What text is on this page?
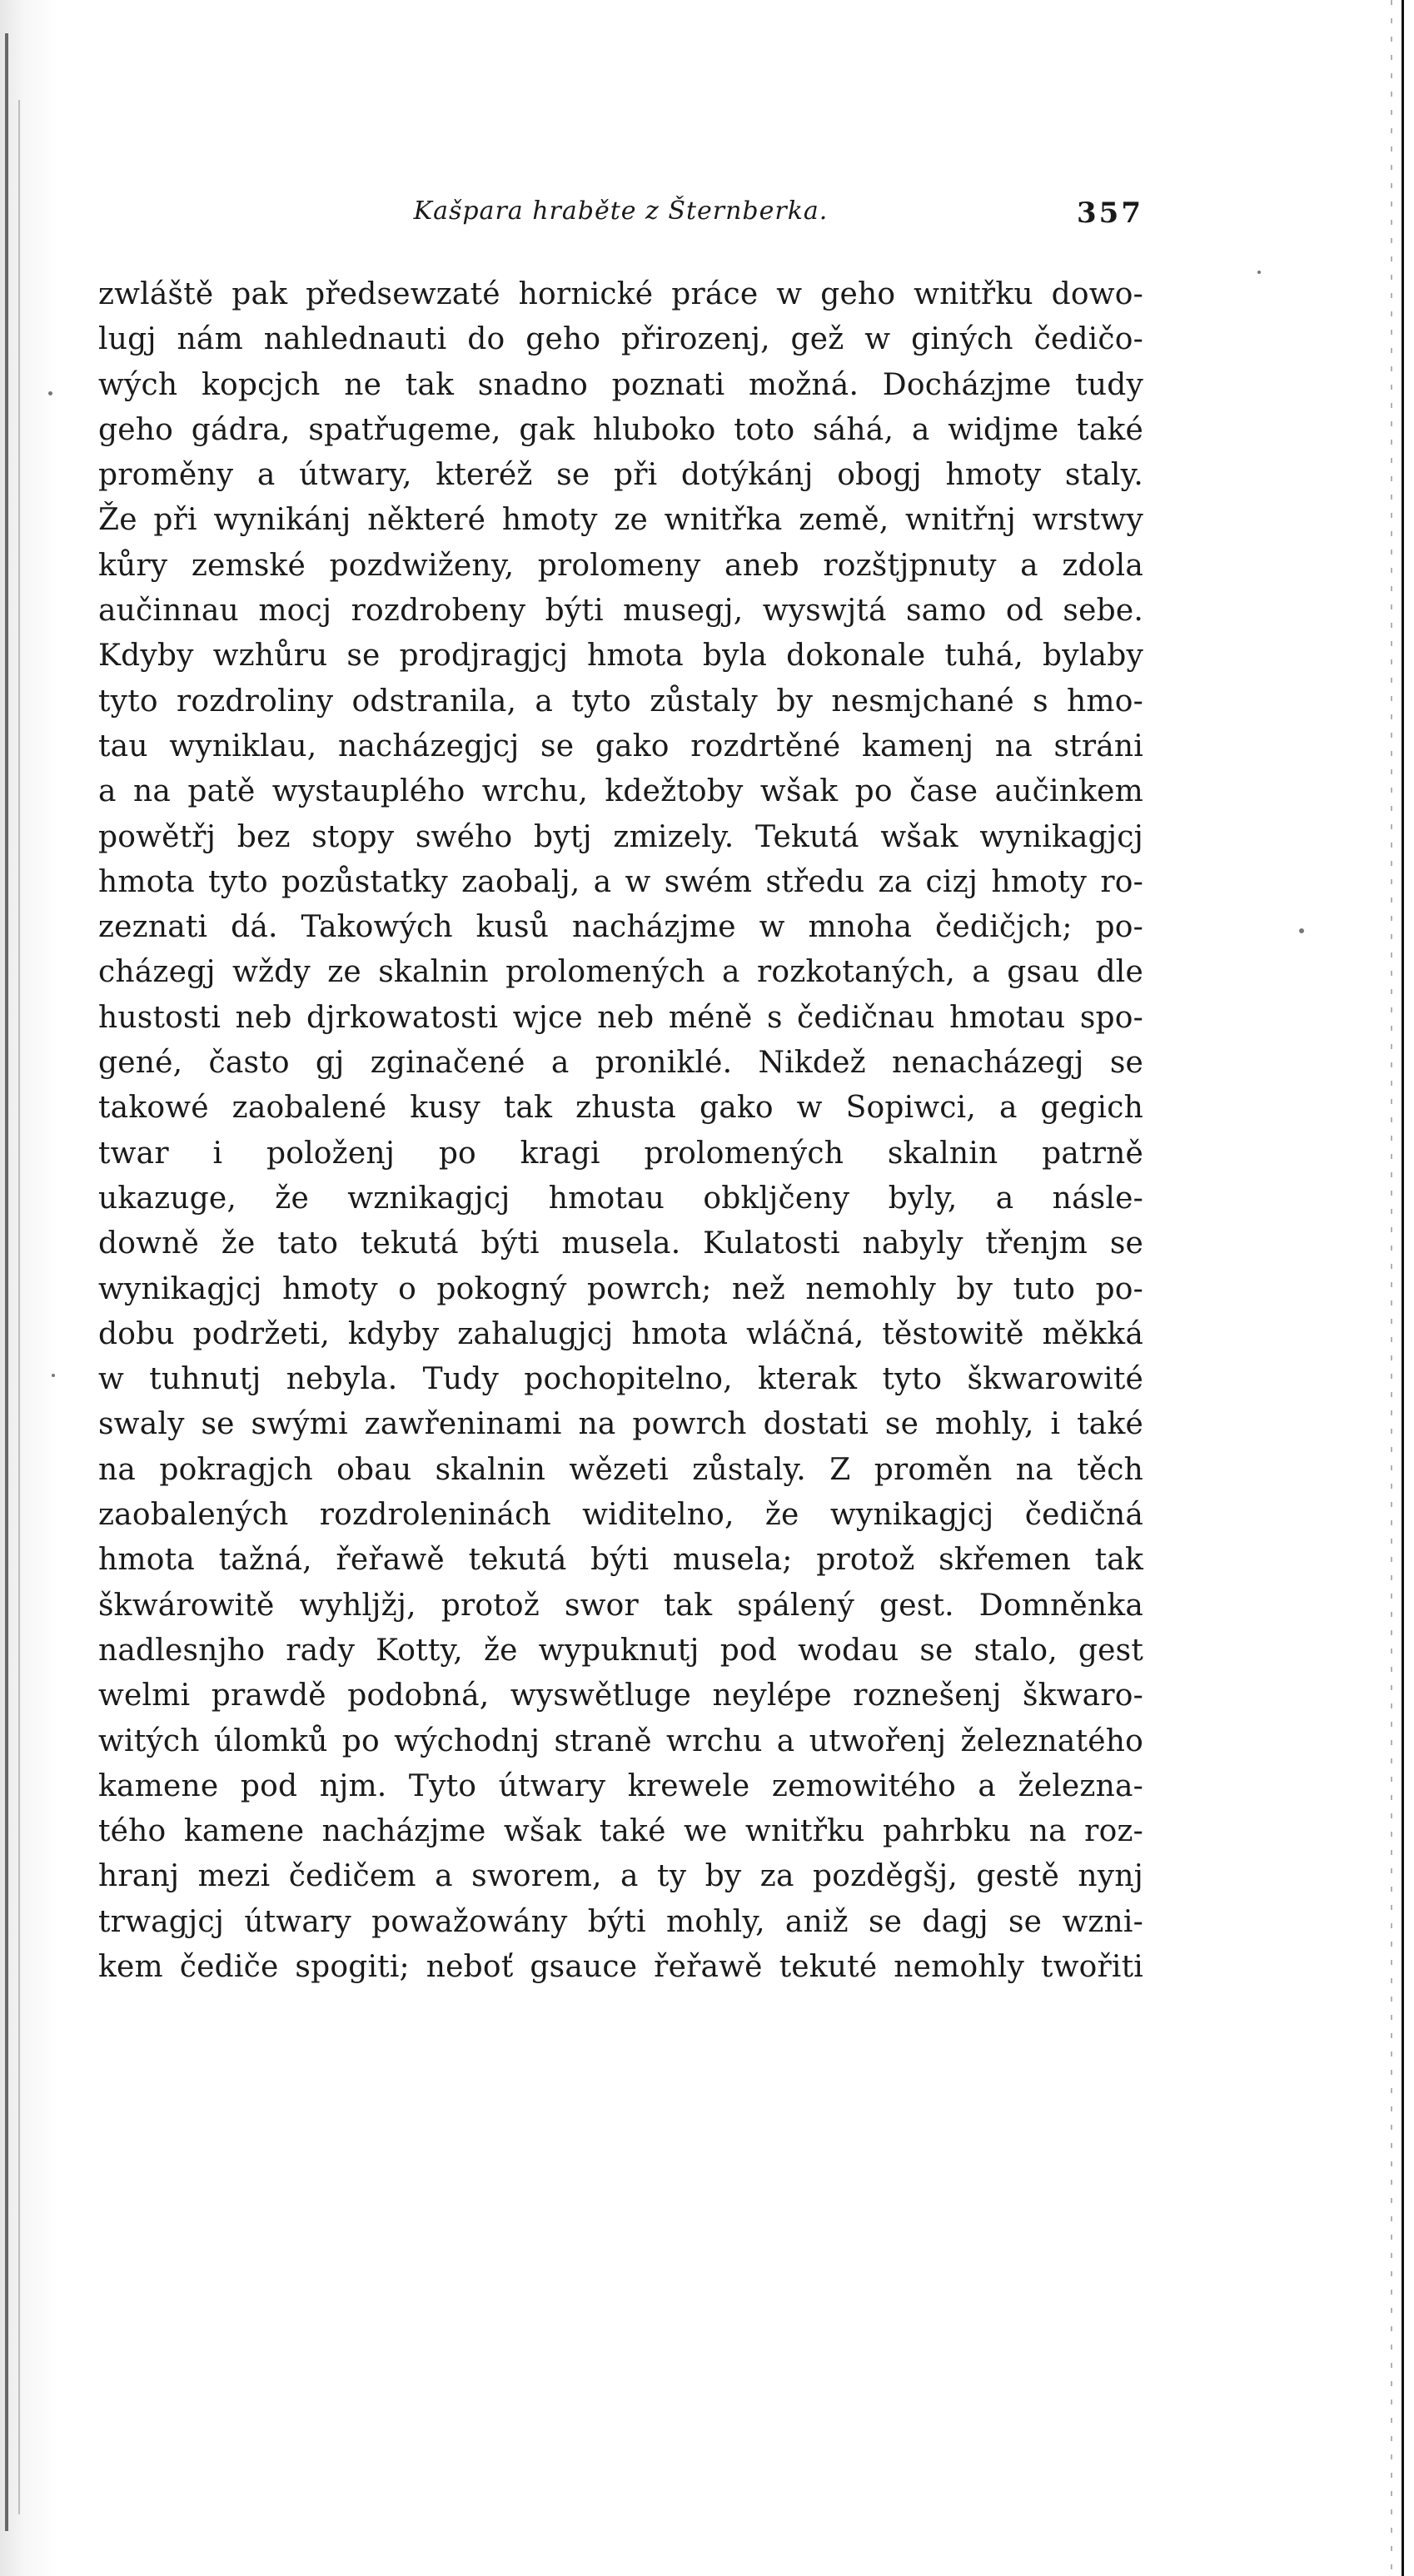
Kašpara hraběte z Šternberka.	357
zwláště pak předsewzaté hornické práce w geho wnitřku dowo-
lugj nám nahlednauti do geho přirozenj, gež w giných čedičo-
wých kopcjch ne tak snadno poznati možná. Docházjme tudy
geho gádra, spatřugeme, gak hluboko toto sáhá, a widjme také
proměny a útwary, kteréž se při dotýkánj obogj hmoty staly.
Že při wynikánj některé hmoty ze wnitřka země, wnitřnj wrstwy
kůry zemské pozdwiženy, prolomeny aneb rozštjpnuty a zdola
aučinnau mocj rozdrobeny býti musegj, wyswjtá samo od sebe.
Kdyby wzhůru se prodjragjcj hmota byla dokonale tuhá, bylaby
tyto rozdroliny odstranila, a tyto zůstaly by nesmjchané s hmo-
tau wyniklau, nacházegjcj se gako rozdrtěné kamenj na stráni
a na patě wystauplého wrchu, kdežtoby wšak po čase aučinkem
powětřj bez stopy swého bytj zmizely. Tekutá wšak wynikagjcj
hmota tyto pozůstatky zaobalj, a w swém středu za cizj hmoty ro-
zeznati dá. Takowých kusů nacházjme w mnoha čedičjch; po-
cházegj wždy ze skalnin prolomených a rozkotaných, a gsau dle
hustosti neb djrkowatosti wjce neb méně s čedičnau hmotau spo-
gené, často gj zginačené a proniklé. Nikdež nenacházegj se
takowé zaobalené kusy tak zhusta gako w Sopiwci, a gegich
twar i položenj po kragi prolomených skalnin patrně
ukazuge, že wznikagjcj hmotau obkljčeny byly, a násle-
downě že tato tekutá býti musela. Kulatosti nabyly třenjm se
wynikagjcj hmoty o pokogný powrch; než nemohly by tuto po-
dobu podržeti, kdyby zahalugjcj hmota wláčná, těstowitě měkká
w tuhnutj nebyla. Tudy pochopitelno, kterak tyto škwarowité
swaly se swými zawřeninami na powrch dostati se mohly, i také
na pokragjch obau skalnin wězeti zůstaly. Z proměn na těch
zaobalených rozdroleninách widitelno, že wynikagjcj čedičná
hmota tažná, řeřawě tekutá býti musela; protož skřemen tak
škwárowitě wyhljžj, protož swor tak spálený gest. Domněnka
nadlesnjho rady Kotty, že wypuknutj pod wodau se stalo, gest
welmi prawdě podobná, wyswětluge neylépe roznešenj škwaro-
witých úlomků po wýchodnj straně wrchu a utwořenj železnatého
kamene pod njm. Tyto útwary krewele zemowitého a železna-
tého kamene nacházjme wšak také we wnitřku pahrbku na roz-
hranj mezi čedičem a sworem, a ty by za pozděgšj, gestě nynj
trwagjcj útwary powažowány býti mohly, aniž se dagj se wzni-
kem čediče spogiti; neboť gsauce řeřawě tekuté nemohly twořiti
